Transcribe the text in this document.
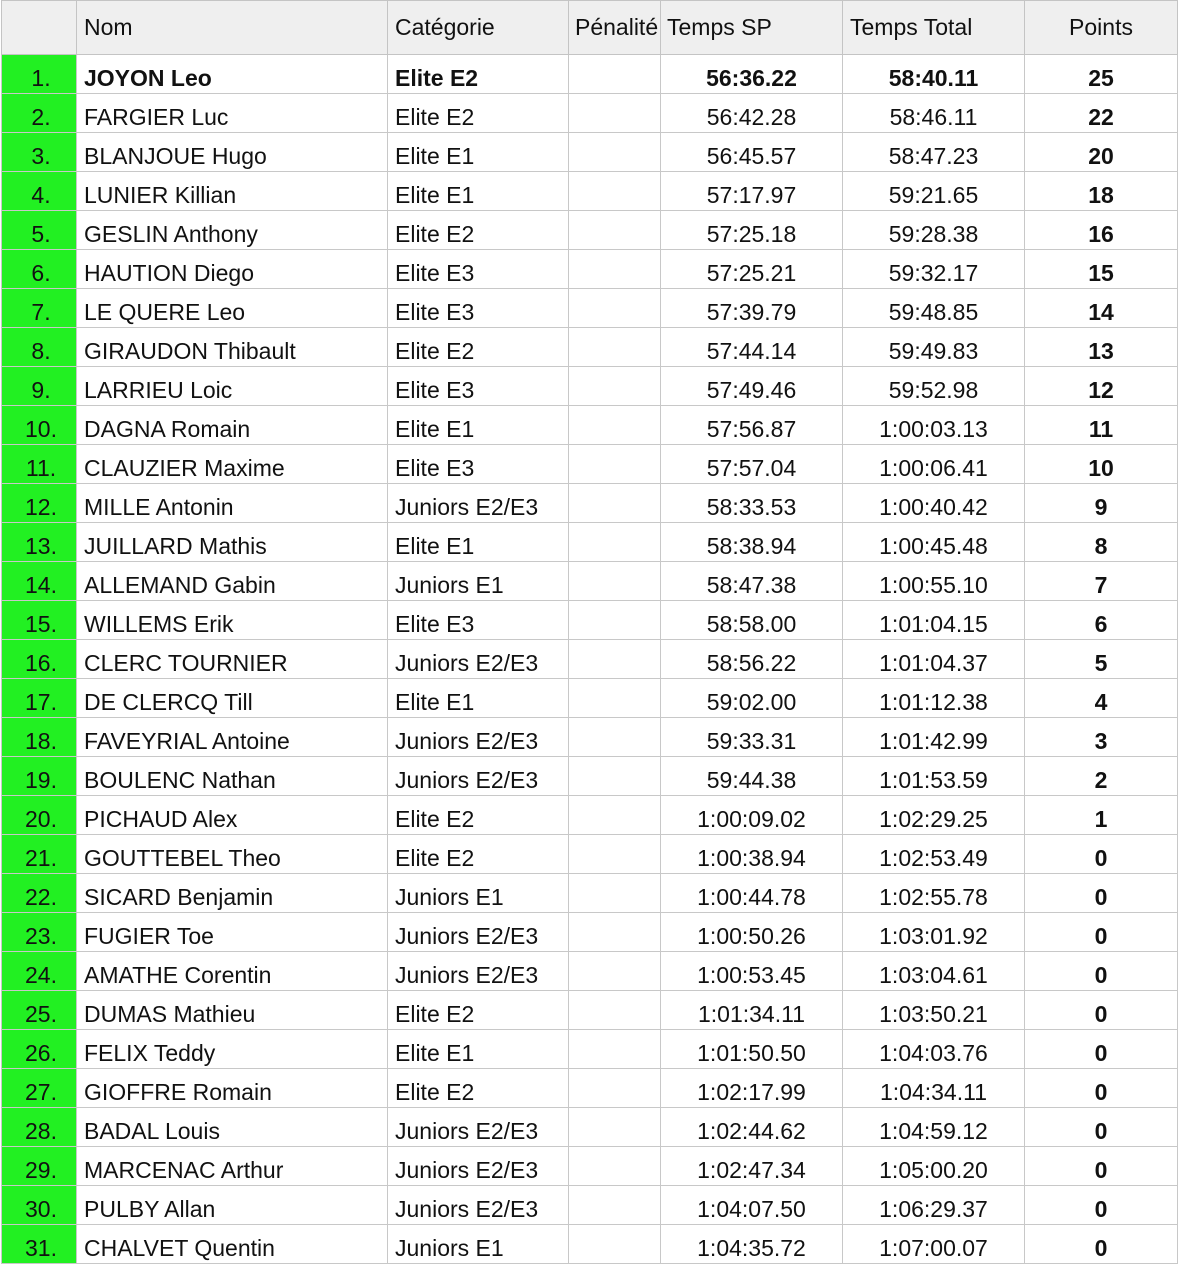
	Nom	Catégorie	Pénalité	Temps SP	Temps Total	Points
1.	JOYON Leo	Elite E2		56:36.22	58:40.11	25
2.	FARGIER Luc	Elite E2		56:42.28	58:46.11	22
3.	BLANJOUE Hugo	Elite E1		56:45.57	58:47.23	20
4.	LUNIER Killian	Elite E1		57:17.97	59:21.65	18
5.	GESLIN Anthony	Elite E2		57:25.18	59:28.38	16
6.	HAUTION Diego	Elite E3		57:25.21	59:32.17	15
7.	LE QUERE Leo	Elite E3		57:39.79	59:48.85	14
8.	GIRAUDON Thibault	Elite E2		57:44.14	59:49.83	13
9.	LARRIEU Loic	Elite E3		57:49.46	59:52.98	12
10.	DAGNA Romain	Elite E1		57:56.87	1:00:03.13	11
11.	CLAUZIER Maxime	Elite E3		57:57.04	1:00:06.41	10
12.	MILLE Antonin	Juniors E2/E3		58:33.53	1:00:40.42	9
13.	JUILLARD Mathis	Elite E1		58:38.94	1:00:45.48	8
14.	ALLEMAND Gabin	Juniors E1		58:47.38	1:00:55.10	7
15.	WILLEMS Erik	Elite E3		58:58.00	1:01:04.15	6
16.	CLERC TOURNIER	Juniors E2/E3		58:56.22	1:01:04.37	5
17.	DE CLERCQ Till	Elite E1		59:02.00	1:01:12.38	4
18.	FAVEYRIAL Antoine	Juniors E2/E3		59:33.31	1:01:42.99	3
19.	BOULENC Nathan	Juniors E2/E3		59:44.38	1:01:53.59	2
20.	PICHAUD Alex	Elite E2		1:00:09.02	1:02:29.25	1
21.	GOUTTEBEL Theo	Elite E2		1:00:38.94	1:02:53.49	0
22.	SICARD Benjamin	Juniors E1		1:00:44.78	1:02:55.78	0
23.	FUGIER Toe	Juniors E2/E3		1:00:50.26	1:03:01.92	0
24.	AMATHE Corentin	Juniors E2/E3		1:00:53.45	1:03:04.61	0
25.	DUMAS Mathieu	Elite E2		1:01:34.11	1:03:50.21	0
26.	FELIX Teddy	Elite E1		1:01:50.50	1:04:03.76	0
27.	GIOFFRE Romain	Elite E2		1:02:17.99	1:04:34.11	0
28.	BADAL Louis	Juniors E2/E3		1:02:44.62	1:04:59.12	0
29.	MARCENAC Arthur	Juniors E2/E3		1:02:47.34	1:05:00.20	0
30.	PULBY Allan	Juniors E2/E3		1:04:07.50	1:06:29.37	0
31.	CHALVET Quentin	Juniors E1		1:04:35.72	1:07:00.07	0
